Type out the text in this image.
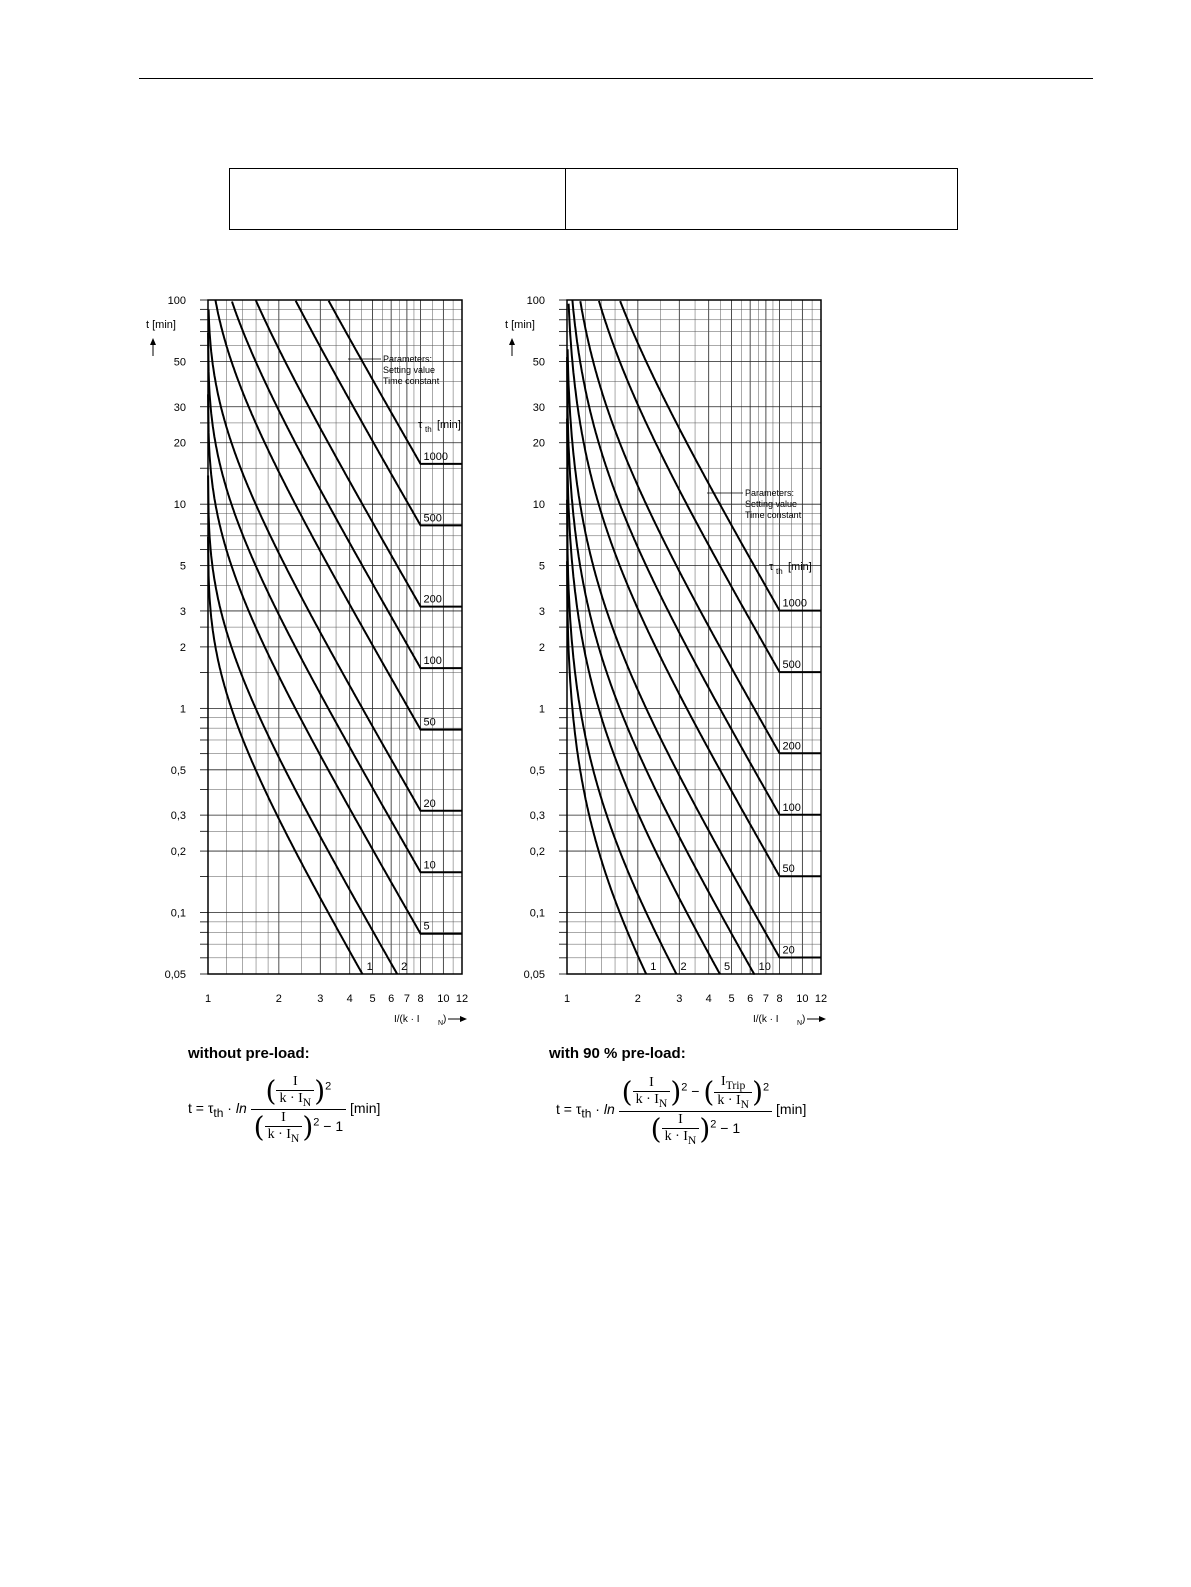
100
50
30
20
10
5
3
2
1
0,5
0,3
0,2
0,1
0,05
1	2	3 4 5 6 7 8 10 12
t [min]
I/(k · I	N )
Parameters:
Setting value
Time constant
τ th [min]
1000
500
200
100
50
20
10
5
2
1
100
50
30
20
10
5
3
2
1
0,5
0,3
0,2
0,1
0,05
1	2	3 4 5 6 7 8 10 12
t [min]
I/(k · I	N )
Parameters:
Setting value
Time constant
τ th [min]
1000
500
200
100
50
20
10
5
2
1
without pre-load:	with 90 % pre-load:
$t = \tau_{th} \cdot \ln \frac{( \frac{I}{k \cdot I_N} )^2}{( \frac{I}{k \cdot I_N} )^2 - 1} [\min]$	$t = \tau_{th} \cdot \ln \frac{( \frac{I}{k \cdot I_N} )^2 - ( \frac{I_{Trip}}{k \cdot I_N} )^2}{( \frac{I}{k \cdot I_N} )^2 - 1} [\min]$
